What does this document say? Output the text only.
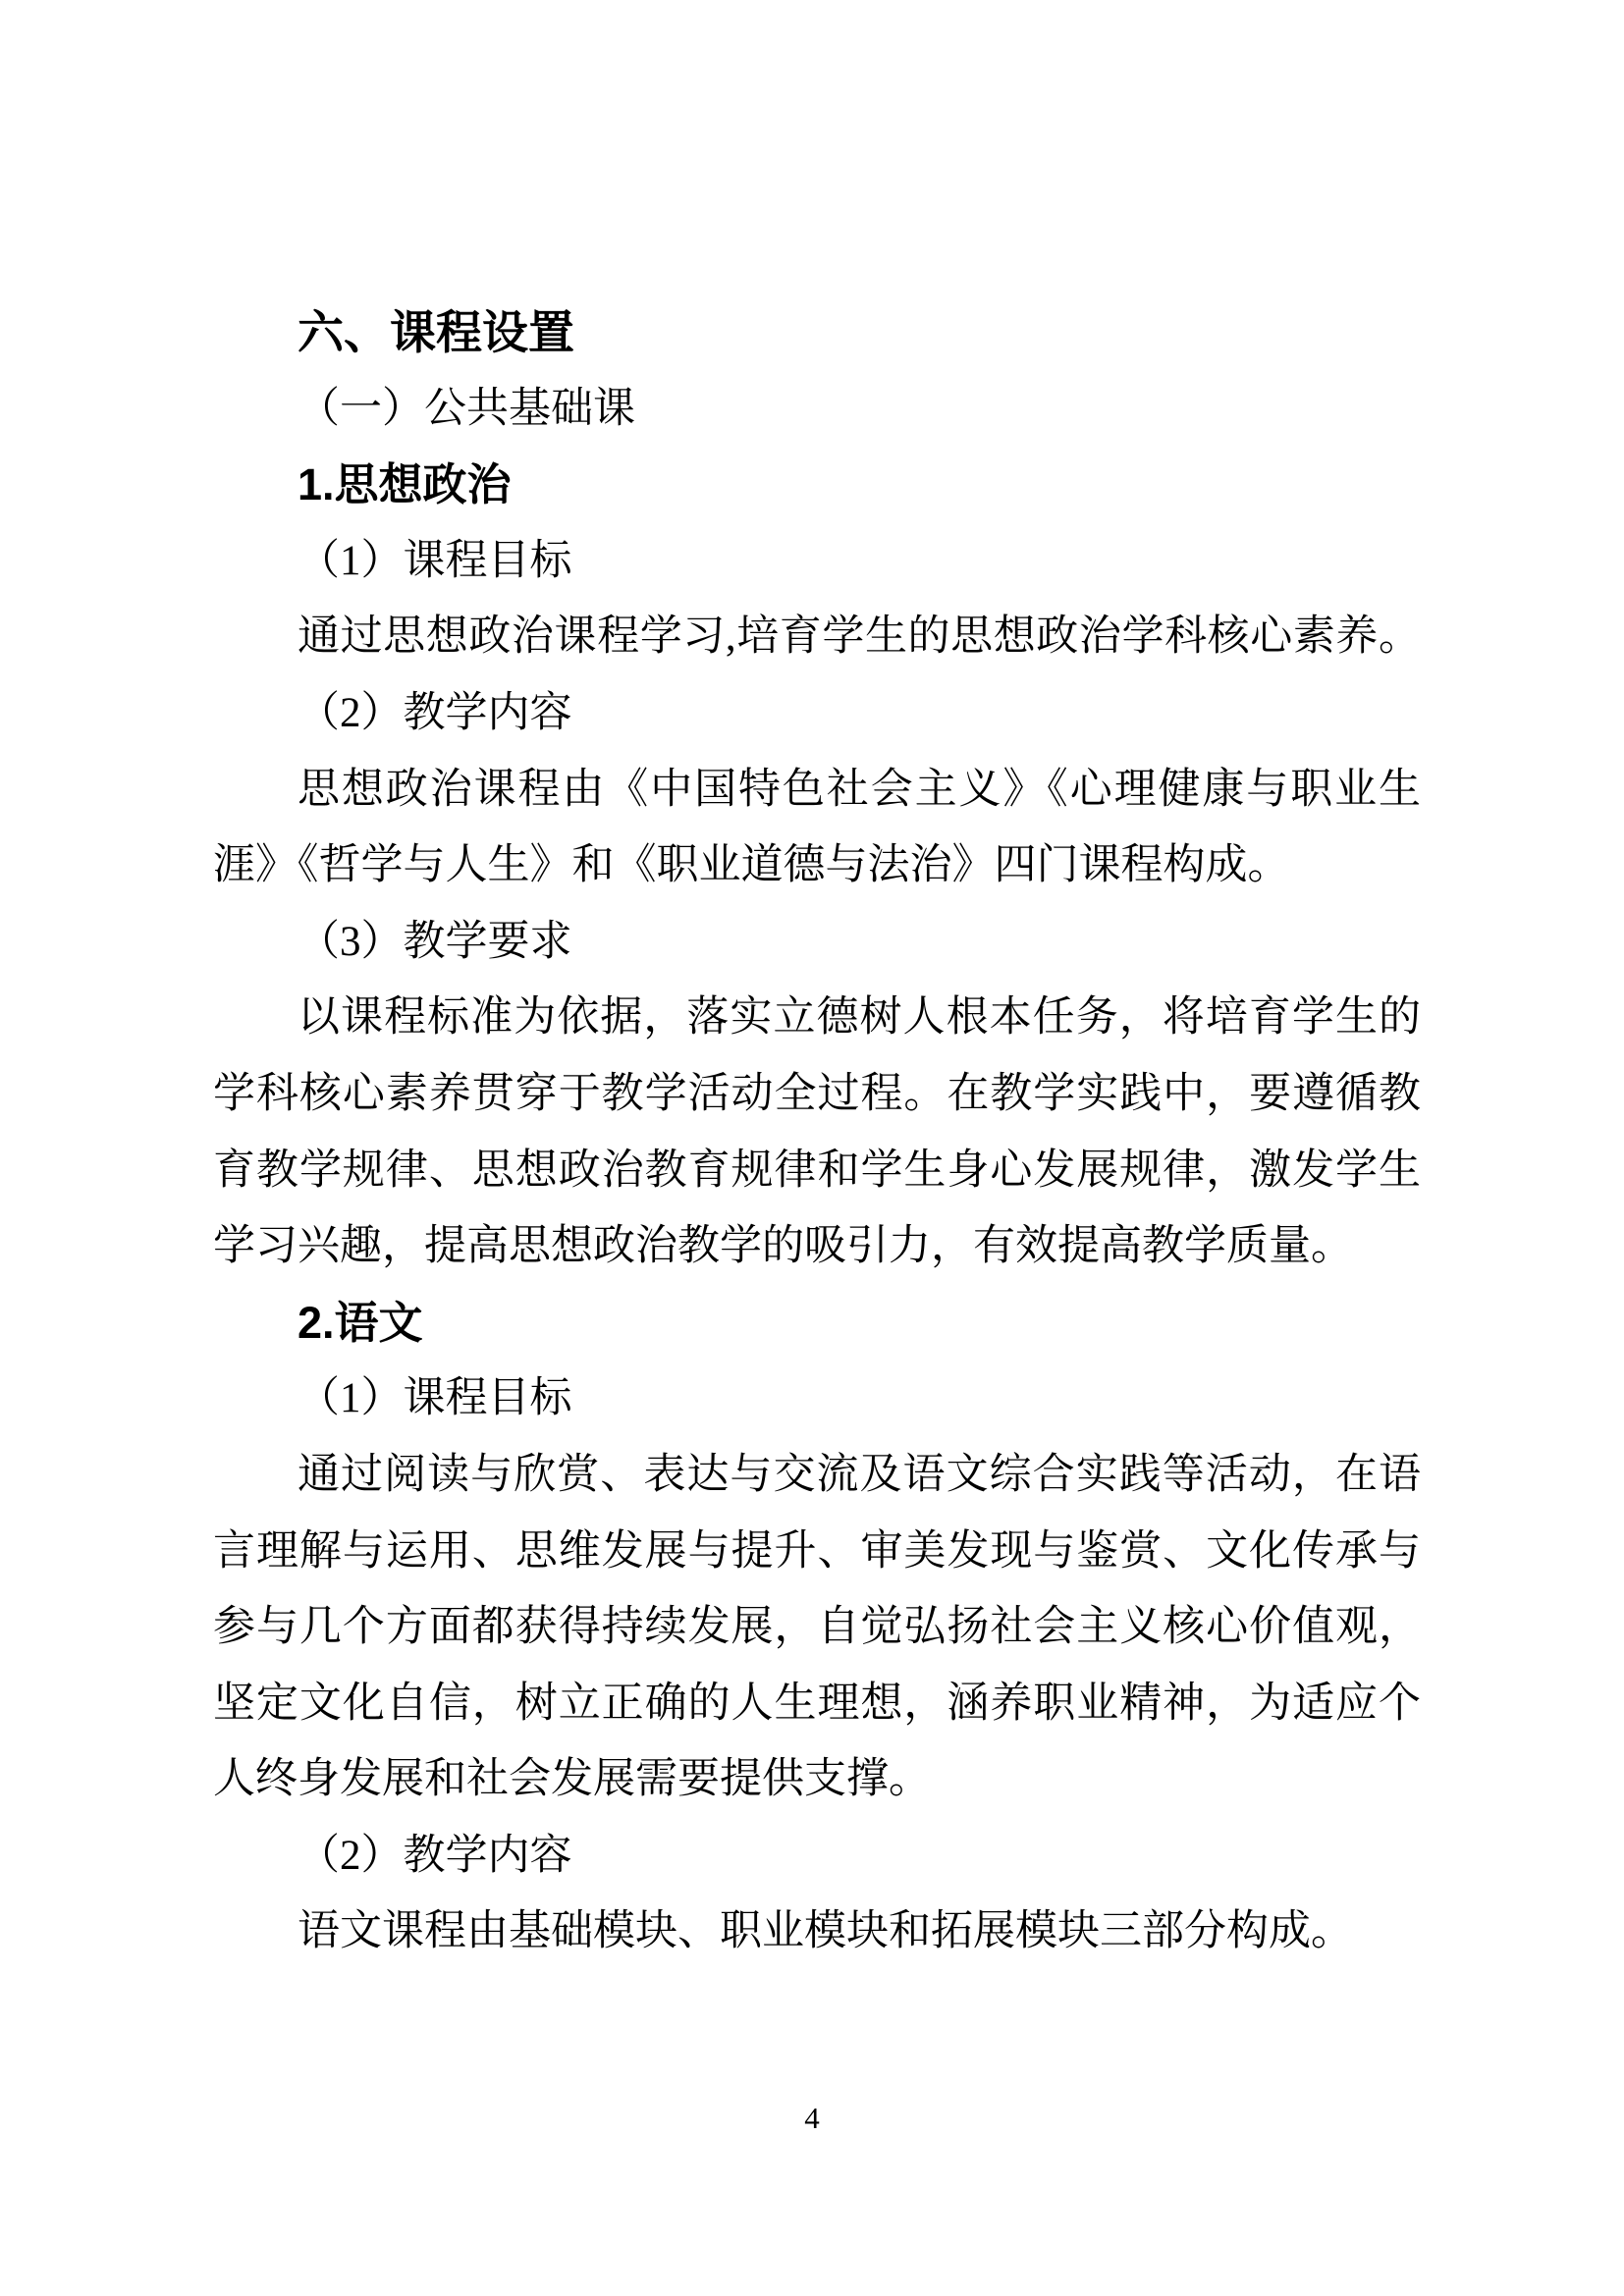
六、课程设置
（一）公共基础课
1.思想政治
（1）课程目标
通过思想政治课程学习,培育学生的思想政治学科核心素养。
（2）教学内容
思想政治课程由《中国特色社会主义》《心理健康与职业生
涯》《哲学与人生》和《职业道德与法治》四门课程构成。
（3）教学要求
以课程标准为依据，落实立德树人根本任务，将培育学生的
学科核心素养贯穿于教学活动全过程。在教学实践中，要遵循教
育教学规律、思想政治教育规律和学生身心发展规律，激发学生
学习兴趣，提高思想政治教学的吸引力，有效提高教学质量。
2.语文
（1）课程目标
通过阅读与欣赏、表达与交流及语文综合实践等活动，在语
言理解与运用、思维发展与提升、审美发现与鉴赏、文化传承与
参与几个方面都获得持续发展，自觉弘扬社会主义核心价值观，
坚定文化自信，树立正确的人生理想，涵养职业精神，为适应个
人终身发展和社会发展需要提供支撑。
（2）教学内容
语文课程由基础模块、职业模块和拓展模块三部分构成。
4
